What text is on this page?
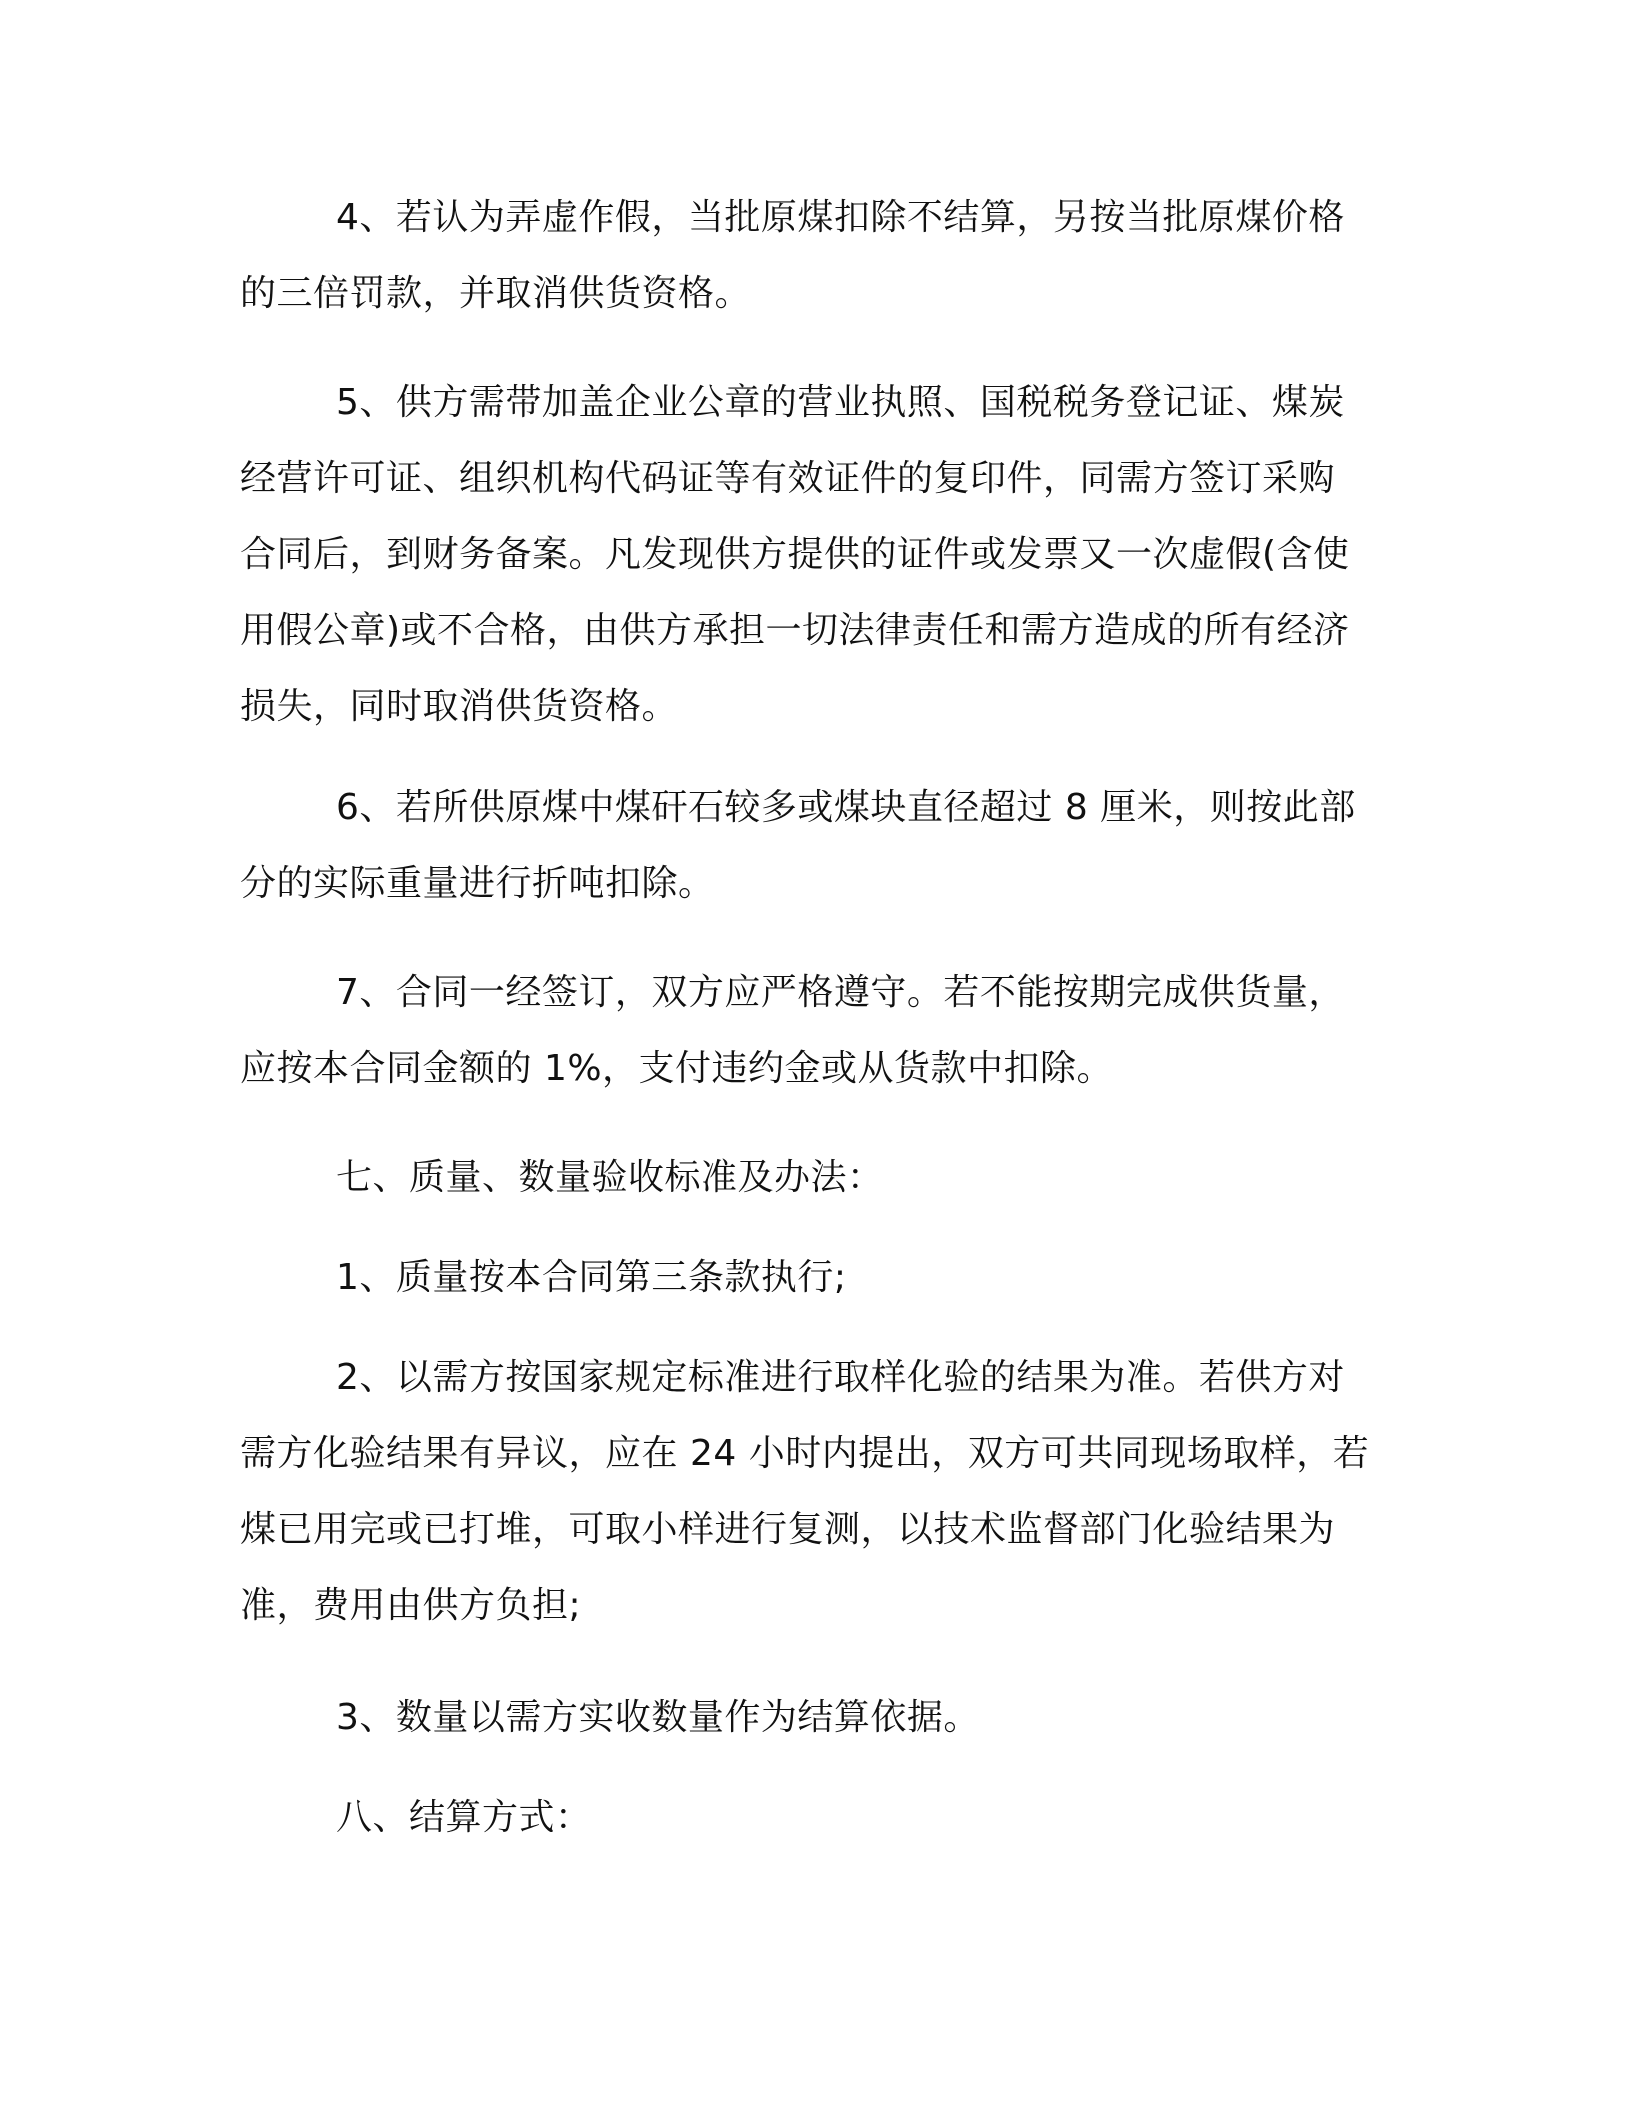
4、若认为弄虚作假，当批原煤扣除不结算，另按当批原煤价格
的三倍罚款，并取消供货资格。

5、供方需带加盖企业公章的营业执照、国税税务登记证、煤炭
经营许可证、组织机构代码证等有效证件的复印件，同需方签订采购
合同后，到财务备案。凡发现供方提供的证件或发票又一次虚假(含使
用假公章)或不合格，由供方承担一切法律责任和需方造成的所有经济
损失，同时取消供货资格。

6、若所供原煤中煤矸石较多或煤块直径超过 8 厘米，则按此部
分的实际重量进行折吨扣除。

7、合同一经签订，双方应严格遵守。若不能按期完成供货量，
应按本合同金额的 1%，支付违约金或从货款中扣除。

七、质量、数量验收标准及办法：

1、质量按本合同第三条款执行;

2、以需方按国家规定标准进行取样化验的结果为准。若供方对
需方化验结果有异议，应在 24 小时内提出，双方可共同现场取样，若
煤已用完或已打堆，可取小样进行复测，以技术监督部门化验结果为
准，费用由供方负担;

3、数量以需方实收数量作为结算依据。

八、结算方式：
